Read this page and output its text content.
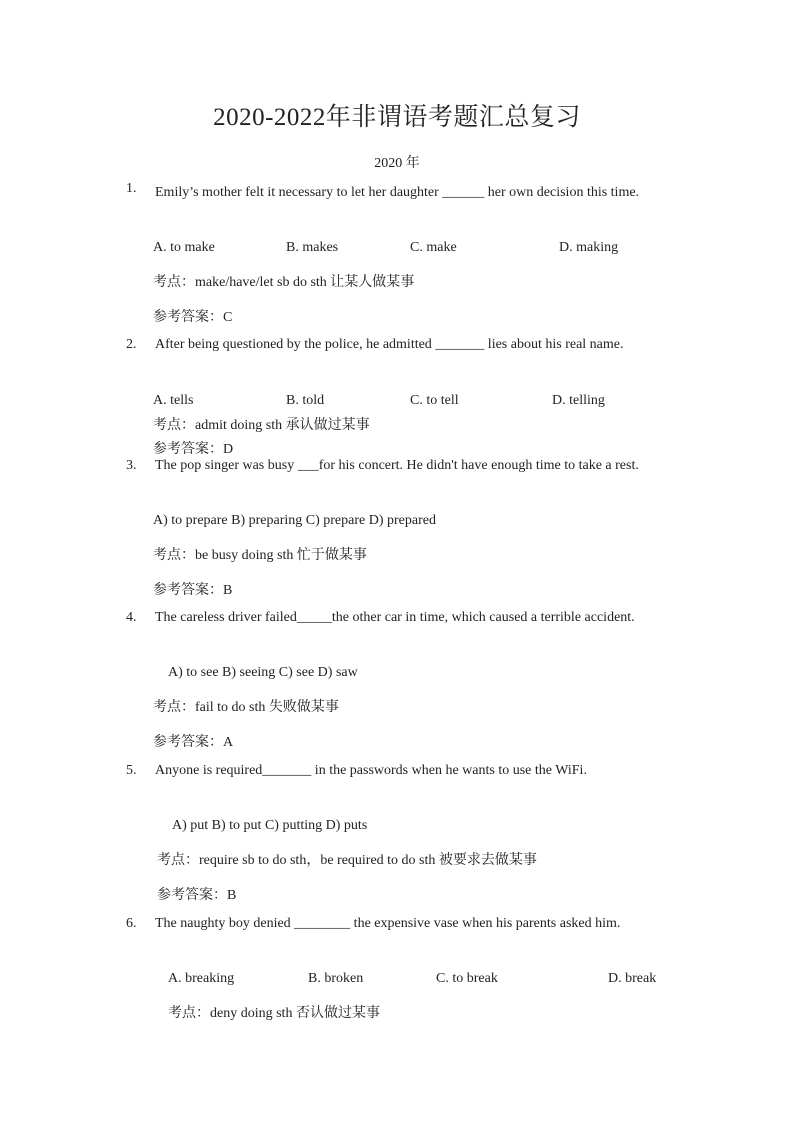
2020-2022年非谓语考题汇总复习
2020 年
1. Emily’s mother felt it necessary to let her daughter ______ her own decision this time.
A. to make	B. makes	C. make	D. making
考点：make/have/let sb do sth 让某人做某事
参考答案：C
2. After being questioned by the police, he admitted _______ lies about his real name.
A. tells	B. told	C. to tell	D. telling
考点：admit doing sth 承认做过某事
参考答案：D
3. The pop singer was busy ___for his concert. He didn't have enough time to take a rest.
A) to prepare B) preparing C) prepare D) prepared
考点：be busy doing sth 忙于做某事
参考答案：B
4. The careless driver failed_____the other car in time, which caused a terrible accident.
A) to see B) seeing C) see D) saw
考点：fail to do sth 失败做某事
参考答案：A
5. Anyone is required_______ in the passwords when he wants to use the WiFi.
A) put B) to put C) putting D) puts
考点：require sb to do sth，be required to do sth 被要求去做某事
参考答案：B
6. The naughty boy denied ________ the expensive vase when his parents asked him.
A. breaking	B. broken	C. to break	D. break
考点：deny doing sth 否认做过某事
